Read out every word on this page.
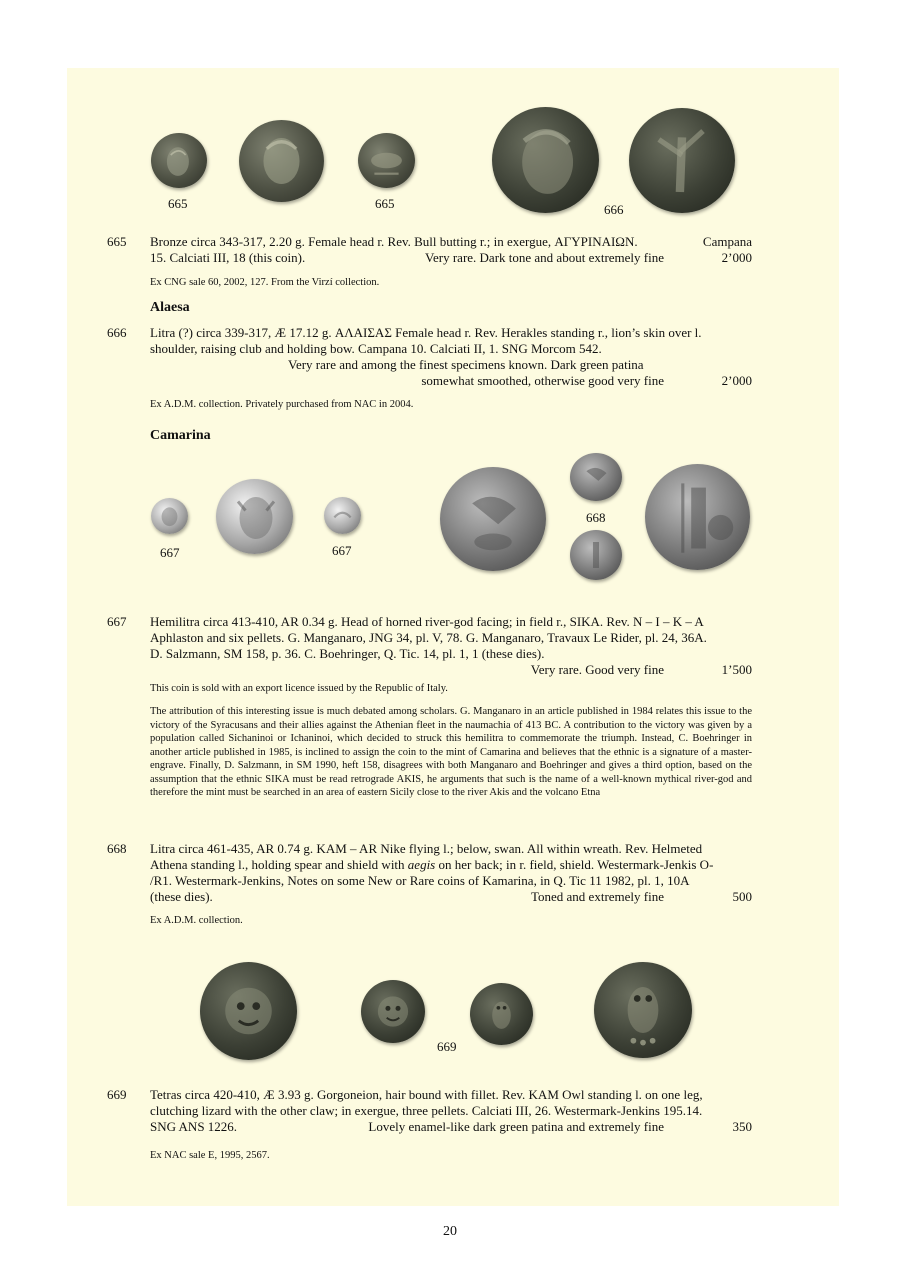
665	665	666
665 Bronze circa 343-317, 2.20 g. Female head r. Rev. Bull butting r.; in exergue, ΑΓΥΡΙΝΑΙΩΝ.	Campana
15. Calciati III, 18 (this coin).	Very rare. Dark tone and about extremely fine	2’000
Ex CNG sale 60, 2002, 127. From the Virzí collection.
Alaesa
666 Litra (?) circa 339-317, Æ 17.12 g. ΑΛΑΙΣΑΣ Female head r. Rev. Herakles standing r., lion’s skin over l.
shoulder, raising club and holding bow. Campana 10. Calciati II, 1. SNG Morcom 542.
Very rare and among the finest specimens known. Dark green patina
somewhat smoothed, otherwise good very fine	2’000
Ex A.D.M. collection. Privately purchased from NAC in 2004.
Camarina
667	667
668
667 Hemilitra circa 413-410, AR 0.34 g. Head of horned river-god facing; in field r., SIKA. Rev. N – I – K – A
Aphlaston and six pellets. G. Manganaro, JNG 34, pl. V, 78. G. Manganaro, Travaux Le Rider, pl. 24, 36A.
D. Salzmann, SM 158, p. 36. C. Boehringer, Q. Tic. 14, pl. 1, 1 (these dies).
Very rare. Good very fine	1’500
This coin is sold with an export licence issued by the Republic of Italy.
The attribution of this interesting issue is much debated among scholars. G. Manganaro in an article published in 1984 relates this issue to the victory of the Syracusans and their allies against the Athenian fleet in the naumachia of 413 BC. A contribution to the victory was given by a population called Sichaninoi or Ichaninoi, which decided to struck this hemilitra to commemorate the triumph. Instead, C. Boehringer in another article published in 1985, is inclined to assign the coin to the mint of Camarina and believes that the ethnic is a signature of a master-engrave. Finally, D. Salzmann, in SM 1990, heft 158, disagrees with both Manganaro and Boehringer and gives a third option, based on the assumption that the ethnic SIKA must be read retrograde AKIS, he arguments that such is the name of a well-known mythical river-god and therefore the mint must be searched in an area of eastern Sicily close to the river Akis and the volcano Etna
668 Litra circa 461-435, AR 0.74 g. KAM – AR Nike flying l.; below, swan. All within wreath. Rev. Helmeted
Athena standing l., holding spear and shield with aegis on her back; in r. field, shield. Westermark-Jenkis O-
/R1. Westermark-Jenkins, Notes on some New or Rare coins of Kamarina, in Q. Tic 11 1982, pl. 1, 10A
(these dies).	Toned and extremely fine	500
Ex A.D.M. collection.
669
669 Tetras circa 420-410, Æ 3.93 g. Gorgoneion, hair bound with fillet. Rev. KAM Owl standing l. on one leg,
clutching lizard with the other claw; in exergue, three pellets. Calciati III, 26. Westermark-Jenkins 195.14.
SNG ANS 1226.	Lovely enamel-like dark green patina and extremely fine	350
Ex NAC sale E, 1995, 2567.
20
